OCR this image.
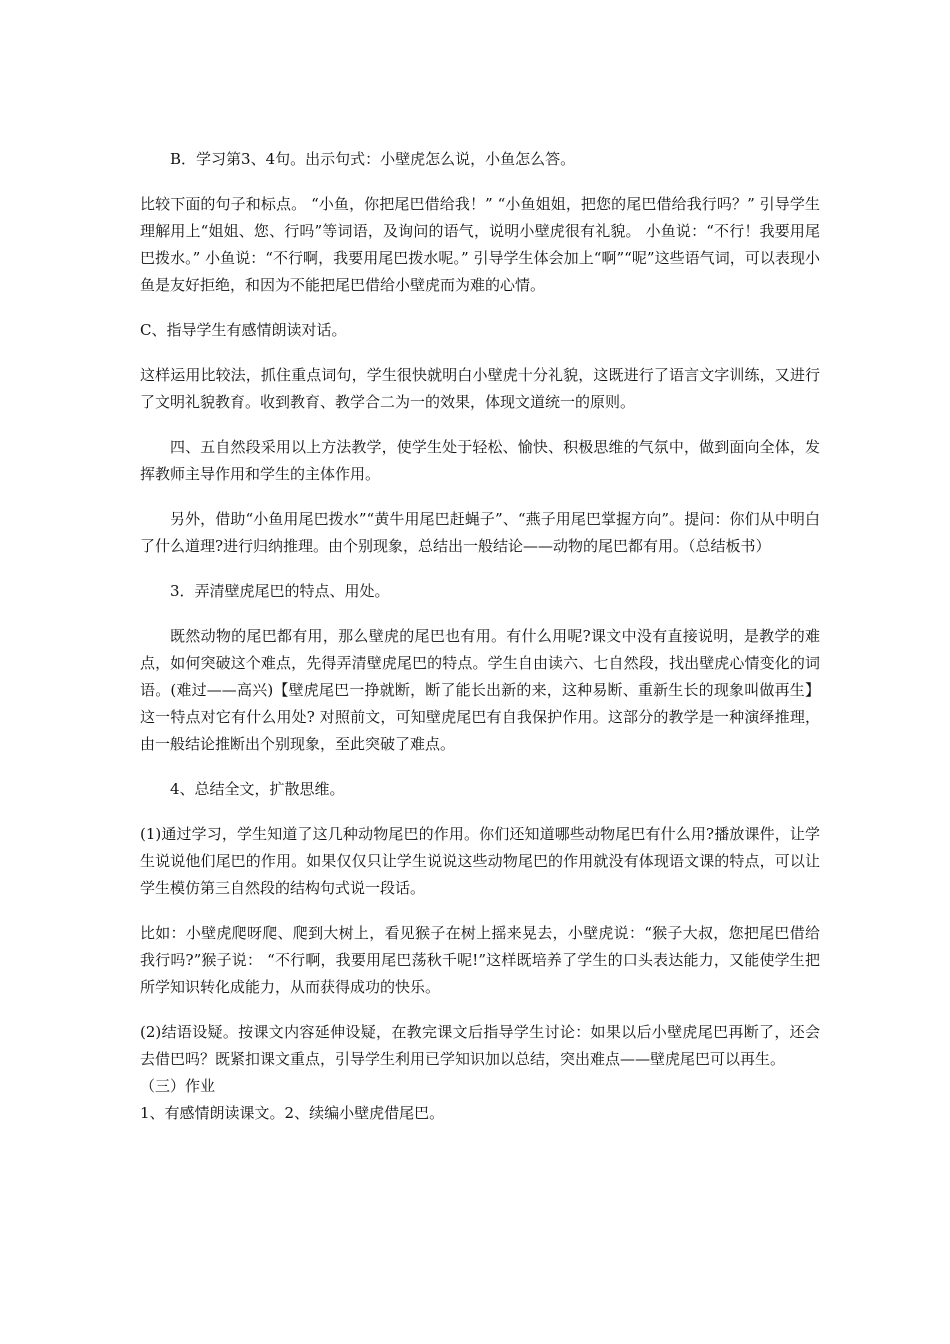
B．学习第3、4句。出示句式：小壁虎怎么说，小鱼怎么答。

比较下面的句子和标点。 “小鱼，你把尾巴借给我！” “小鱼姐姐，把您的尾巴借给我行吗？” 引导学生理解用上“姐姐、您、行吗”等词语，及询问的语气，说明小壁虎很有礼貌。 小鱼说：“不行！我要用尾巴拨水。” 小鱼说：“不行啊，我要用尾巴拨水呢。” 引导学生体会加上“啊”“呢”这些语气词，可以表现小鱼是友好拒绝，和因为不能把尾巴借给小壁虎而为难的心情。

C、指导学生有感情朗读对话。

这样运用比较法，抓住重点词句，学生很快就明白小壁虎十分礼貌，这既进行了语言文字训练，又进行了文明礼貌教育。收到教育、教学合二为一的效果，体现文道统一的原则。

四、五自然段采用以上方法教学，使学生处于轻松、愉快、积极思维的气氛中，做到面向全体，发挥教师主导作用和学生的主体作用。

另外，借助“小鱼用尾巴拨水”“黄牛用尾巴赶蝇子”、“燕子用尾巴掌握方向”。提问：你们从中明白了什么道理?进行归纳推理。由个别现象，总结出一般结论——动物的尾巴都有用。（总结板书）

3．弄清壁虎尾巴的特点、用处。

既然动物的尾巴都有用，那么壁虎的尾巴也有用。有什么用呢?课文中没有直接说明，是教学的难点，如何突破这个难点，先得弄清壁虎尾巴的特点。学生自由读六、七自然段，找出壁虎心情变化的词语。(难过——高兴)【壁虎尾巴一挣就断，断了能长出新的来，这种易断、重新生长的现象叫做再生】这一特点对它有什么用处? 对照前文，可知壁虎尾巴有自我保护作用。这部分的教学是一种演绎推理，由一般结论推断出个别现象，至此突破了难点。

4、总结全文，扩散思维。

(1)通过学习，学生知道了这几种动物尾巴的作用。你们还知道哪些动物尾巴有什么用?播放课件，让学生说说他们尾巴的作用。如果仅仅只让学生说说这些动物尾巴的作用就没有体现语文课的特点，可以让学生模仿第三自然段的结构句式说一段话。

比如：小壁虎爬呀爬、爬到大树上，看见猴子在树上摇来晃去，小壁虎说：“猴子大叔，您把尾巴借给我行吗?”猴子说： “不行啊，我要用尾巴荡秋千呢!”这样既培养了学生的口头表达能力，又能使学生把所学知识转化成能力，从而获得成功的快乐。

(2)结语设疑。按课文内容延伸设疑，在教完课文后指导学生讨论：如果以后小壁虎尾巴再断了，还会去借巴吗？既紧扣课文重点，引导学生利用已学知识加以总结，突出难点——壁虎尾巴可以再生。

（三）作业
1、有感情朗读课文。2、续编小壁虎借尾巴。
